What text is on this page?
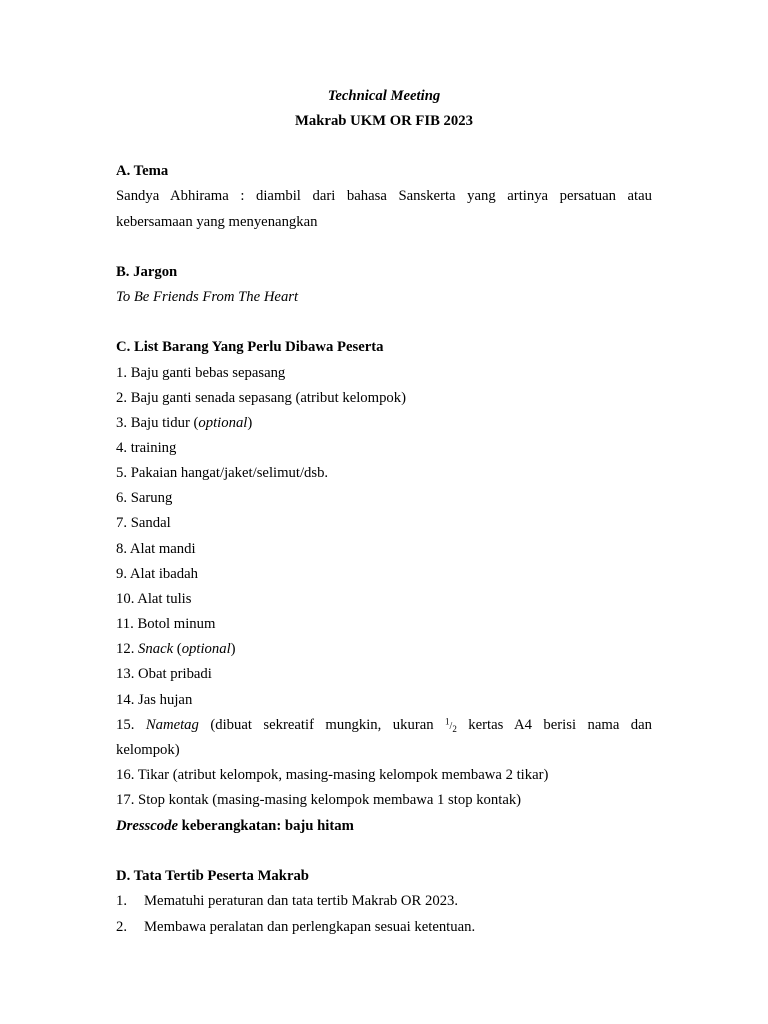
Technical Meeting
Makrab UKM OR FIB 2023
A. Tema
Sandya Abhirama : diambil dari bahasa Sanskerta yang artinya persatuan atau
kebersamaan yang menyenangkan
B. Jargon
To Be Friends From The Heart
C. List Barang Yang Perlu Dibawa Peserta
1. Baju ganti bebas sepasang
2. Baju ganti senada sepasang (atribut kelompok)
3. Baju tidur (optional)
4. training
5. Pakaian hangat/jaket/selimut/dsb.
6. Sarung
7. Sandal
8. Alat mandi
9. Alat ibadah
10. Alat tulis
11. Botol minum
12. Snack (optional)
13. Obat pribadi
14. Jas hujan
15. Nametag (dibuat sekreatif mungkin, ukuran $^1/_2$ kertas A4 berisi nama dan
kelompok)
16. Tikar (atribut kelompok, masing-masing kelompok membawa 2 tikar)
17. Stop kontak (masing-masing kelompok membawa 1 stop kontak)
Dresscode keberangkatan: baju hitam
D. Tata Tertib Peserta Makrab
1. Mematuhi peraturan dan tata tertib Makrab OR 2023.
2. Membawa peralatan dan perlengkapan sesuai ketentuan.
